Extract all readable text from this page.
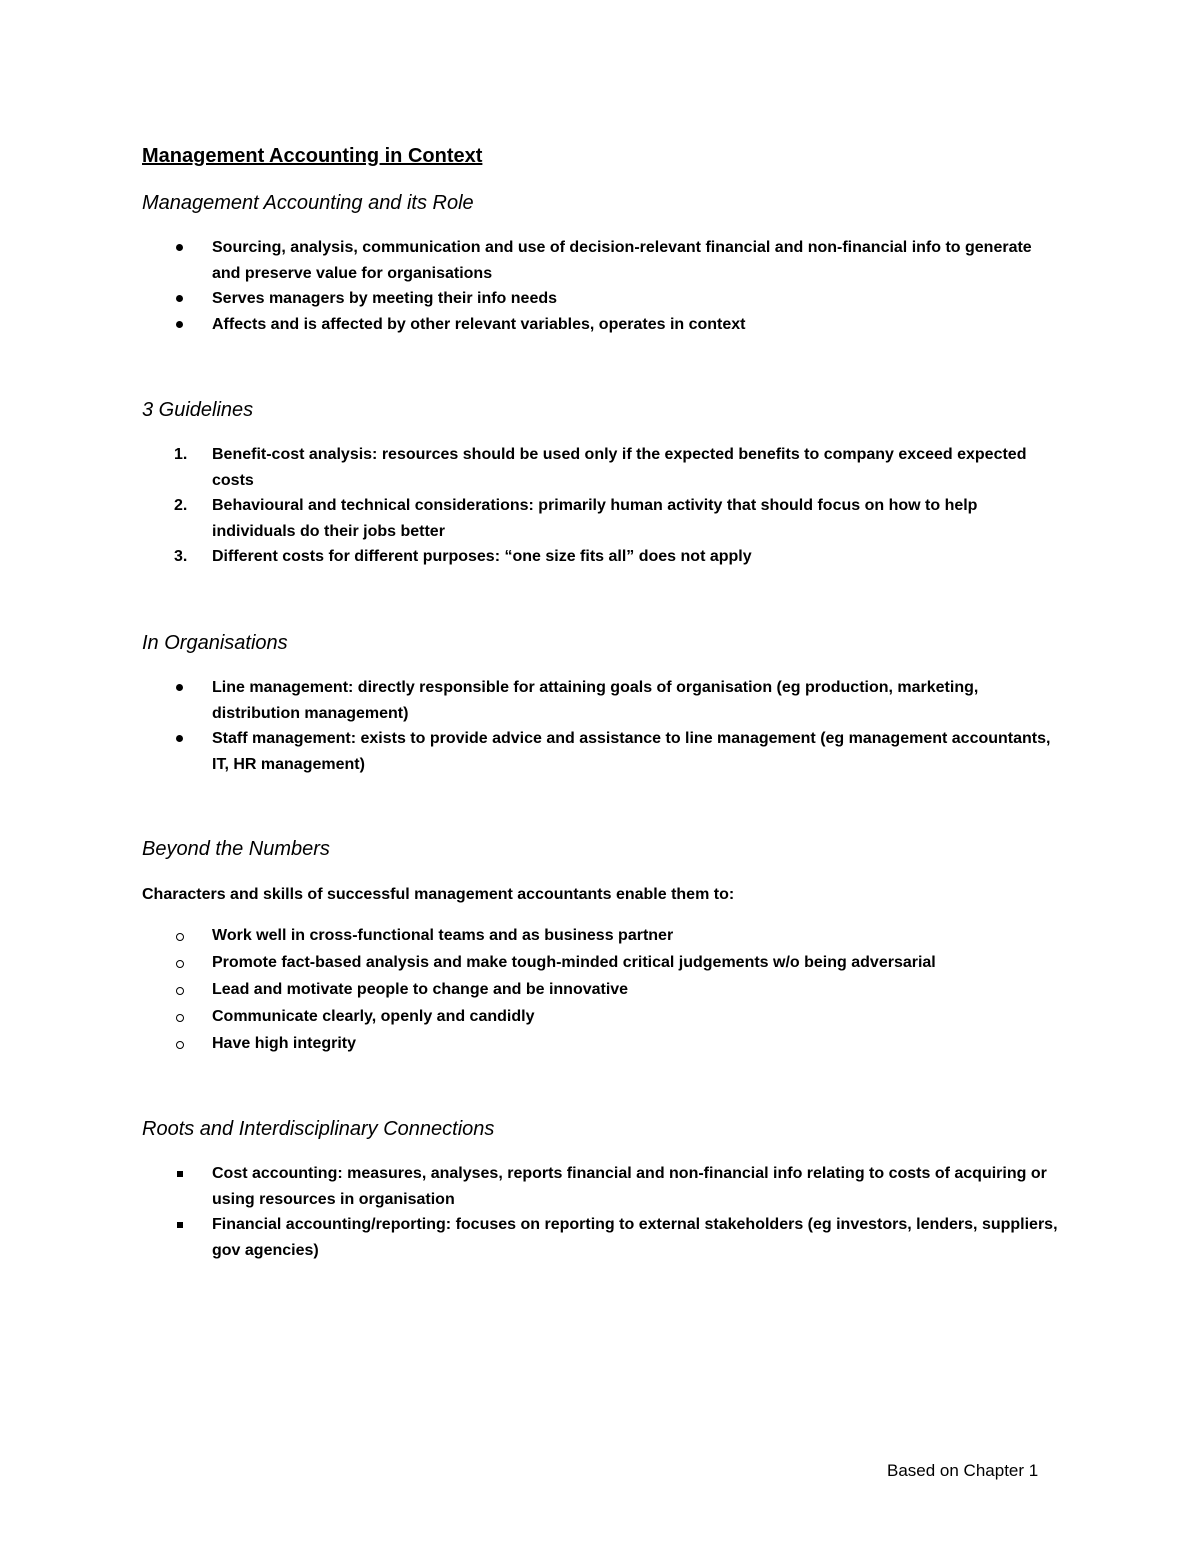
Management Accounting in Context
Management Accounting and its Role
Sourcing, analysis, communication and use of decision-relevant financial and non-financial info to generate and preserve value for organisations
Serves managers by meeting their info needs
Affects and is affected by other relevant variables, operates in context
3 Guidelines
1.	Benefit-cost analysis: resources should be used only if the expected benefits to company exceed expected costs
2.	Behavioural and technical considerations: primarily human activity that should focus on how to help individuals do their jobs better
3.	Different costs for different purposes: “one size fits all” does not apply
In Organisations
Line management: directly responsible for attaining goals of organisation (eg production, marketing, distribution management)
Staff management: exists to provide advice and assistance to line management (eg management accountants, IT, HR management)
Beyond the Numbers

Characters and skills of successful management accountants enable them to:

Work well in cross-functional teams and as business partner
Promote fact-based analysis and make tough-minded critical judgements w/o being adversarial
Lead and motivate people to change and be innovative
Communicate clearly, openly and candidly
Have high integrity
Roots and Interdisciplinary Connections
Cost accounting: measures, analyses, reports financial and non-financial info relating to costs of acquiring or using resources in organisation
Financial accounting/reporting: focuses on reporting to external stakeholders (eg investors, lenders, suppliers, gov agencies)

Based on Chapter 1
